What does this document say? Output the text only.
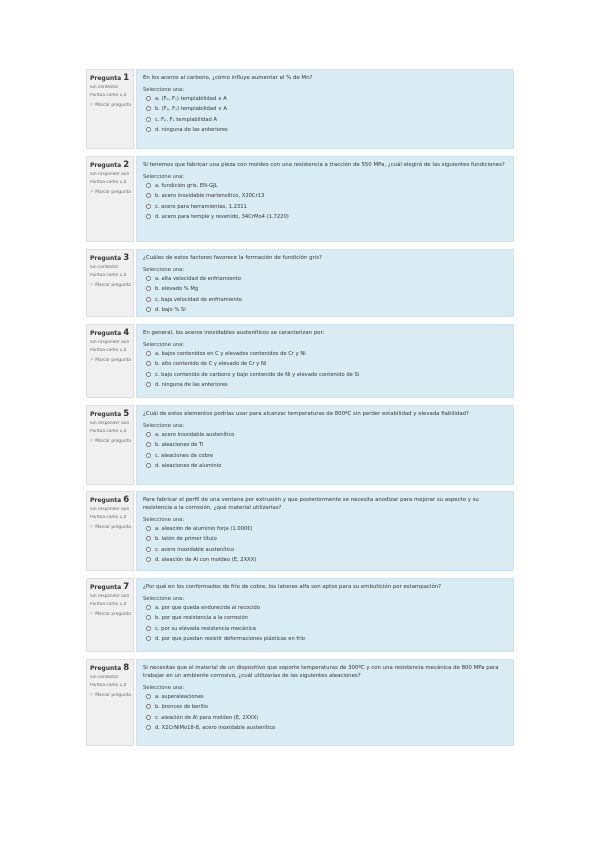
Pregunta 1
Sin contestar
Puntúa como 1,0
⚐ Marcar pregunta
En los aceros al carbono, ¿cómo influye aumentar el % de Mn?
Seleccione una:
a. (Fₚ, Fₛ) templabilidad ∧ A
b. (Fₚ, Fₛ) templabilidad ∨ A
c. Fₚ, Fₛ templabilidad A
d. ninguna de las anteriores
Pregunta 2
Sin responder aún
Puntúa como 1,0
⚐ Marcar pregunta
Si tenemos que fabricar una pieza con moldeo con una resistencia a tracción de 550 MPa, ¿cuál elegirá de las siguientes fundiciones?
Seleccione una:
a. fundición gris, EN-GJL
b. acero inoxidable martensítico, X20Cr13
c. acero para herramientas, 1.2311
d. acero para temple y revenido, 34CrMo4 (1.7220)
Pregunta 3
Sin contestar
Puntúa como 1,0
⚐ Marcar pregunta
¿Cuáles de estos factores favorece la formación de fundición gris?
Seleccione una:
a. alta velocidad de enfriamiento
b. elevado % Mg
c. baja velocidad de enfriamiento
d. bajo % Si
Pregunta 4
Sin responder aún
Puntúa como 1,0
⚐ Marcar pregunta
En general, los aceros inoxidables austeníticos se caracterizan por:
Seleccione una:
a. bajos contenidos en C y elevados contenidos de Cr y Ni
b. alto contenido de C y elevado de Cr y Ni
c. bajo contenido de carbono y bajo contenido de Ni y elevado contenido de Si
d. ninguna de las anteriores
Pregunta 5
Sin responder aún
Puntúa como 1,0
⚐ Marcar pregunta
¿Cuál de estos elementos podrías usar para alcanzar temperaturas de 800ºC sin perder estabilidad y elevada fiabilidad?
Seleccione una:
a. acero inoxidable austenítico
b. aleaciones de Ti
c. aleaciones de cobre
d. aleaciones de aluminio
Pregunta 6
Sin responder aún
Puntúa como 1,0
⚐ Marcar pregunta
Para fabricar el perfil de una ventana por extrusión y que posteriormente se necesita anodizar para mejorar su aspecto y su resistencia a la corrosión, ¿qué material utilizarías?
Seleccione una:
a. aleación de aluminio forja (1.000€)
b. latón de primer título
c. acero inoxidable austenítico
d. aleación de Al con moldeo (E, 2XXX)
Pregunta 7
Sin responder aún
Puntúa como 1,0
⚐ Marcar pregunta
¿Por qué en los conformados de frío de cobre, los latones alfa son aptos para su embutición por estampación?
Seleccione una:
a. por que queda endurecida al recocido
b. por que resistencia a la corrosión
c. por su elevada resistencia mecánica
d. por que puedan resistir deformaciones plásticas en frío
Pregunta 8
Sin contestar
Puntúa como 1,0
⚐ Marcar pregunta
Si necesitas que el material de un dispositivo que soporte temperaturas de 300ºC y con una resistencia mecánica de 800 MPa para trabajar en un ambiente corrosivo, ¿cuál utilizarías de las siguientes aleaciones?
Seleccione una:
a. superaleaciones
b. bronces de berilio
c. aleación de Al para moldeo (E, 2XXX)
d. X2CrNiMo18-8, acero inoxidable austenítico
